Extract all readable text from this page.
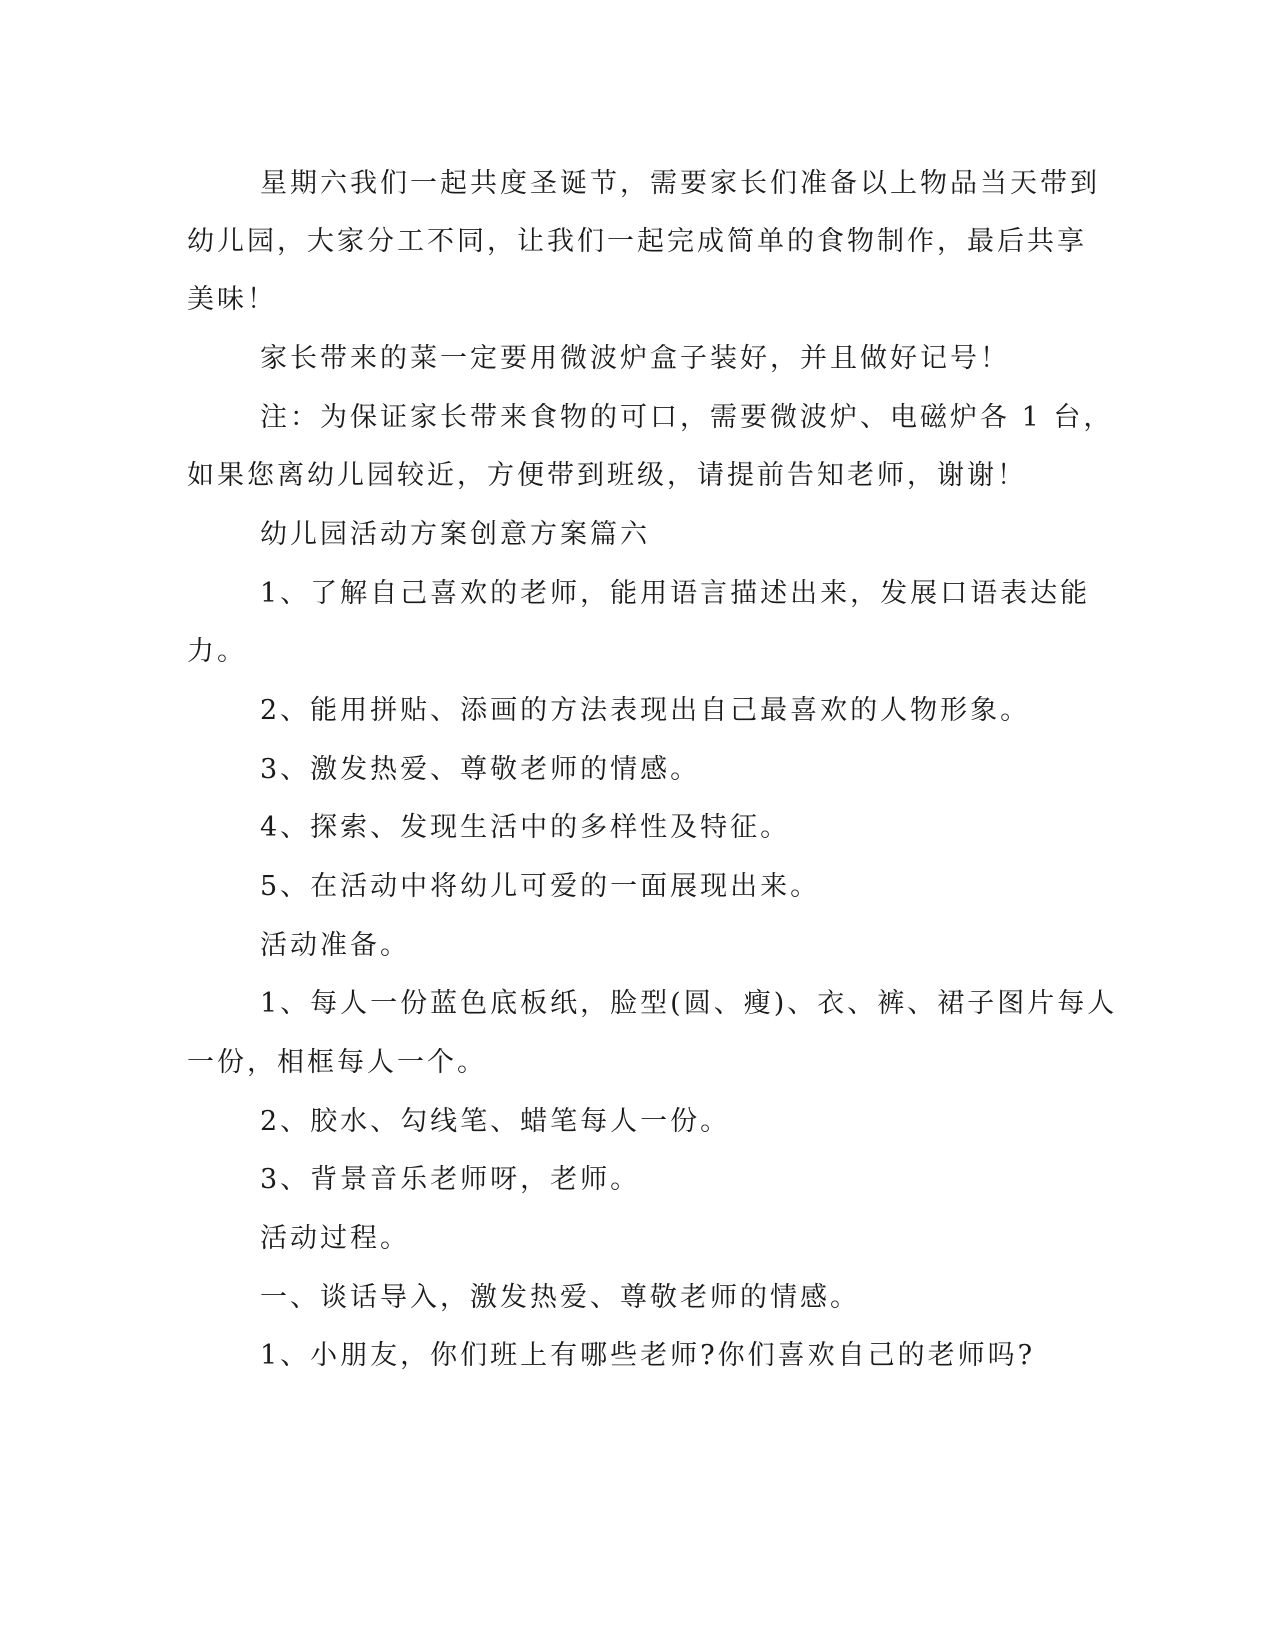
星期六我们一起共度圣诞节，需要家长们准备以上物品当天带到

幼儿园，大家分工不同，让我们一起完成简单的食物制作，最后共享

美味！

家长带来的菜一定要用微波炉盒子装好，并且做好记号！

注：为保证家长带来食物的可口，需要微波炉、电磁炉各 1 台，

如果您离幼儿园较近，方便带到班级，请提前告知老师，谢谢！

幼儿园活动方案创意方案篇六

1、了解自己喜欢的老师，能用语言描述出来，发展口语表达能

力。

2、能用拼贴、添画的方法表现出自己最喜欢的人物形象。

3、激发热爱、尊敬老师的情感。

4、探索、发现生活中的多样性及特征。

5、在活动中将幼儿可爱的一面展现出来。

活动准备。

1、每人一份蓝色底板纸，脸型(圆、瘦)、衣、裤、裙子图片每人

一份，相框每人一个。

2、胶水、勾线笔、蜡笔每人一份。

3、背景音乐老师呀，老师。

活动过程。

一、谈话导入，激发热爱、尊敬老师的情感。

1、小朋友，你们班上有哪些老师?你们喜欢自己的老师吗?
